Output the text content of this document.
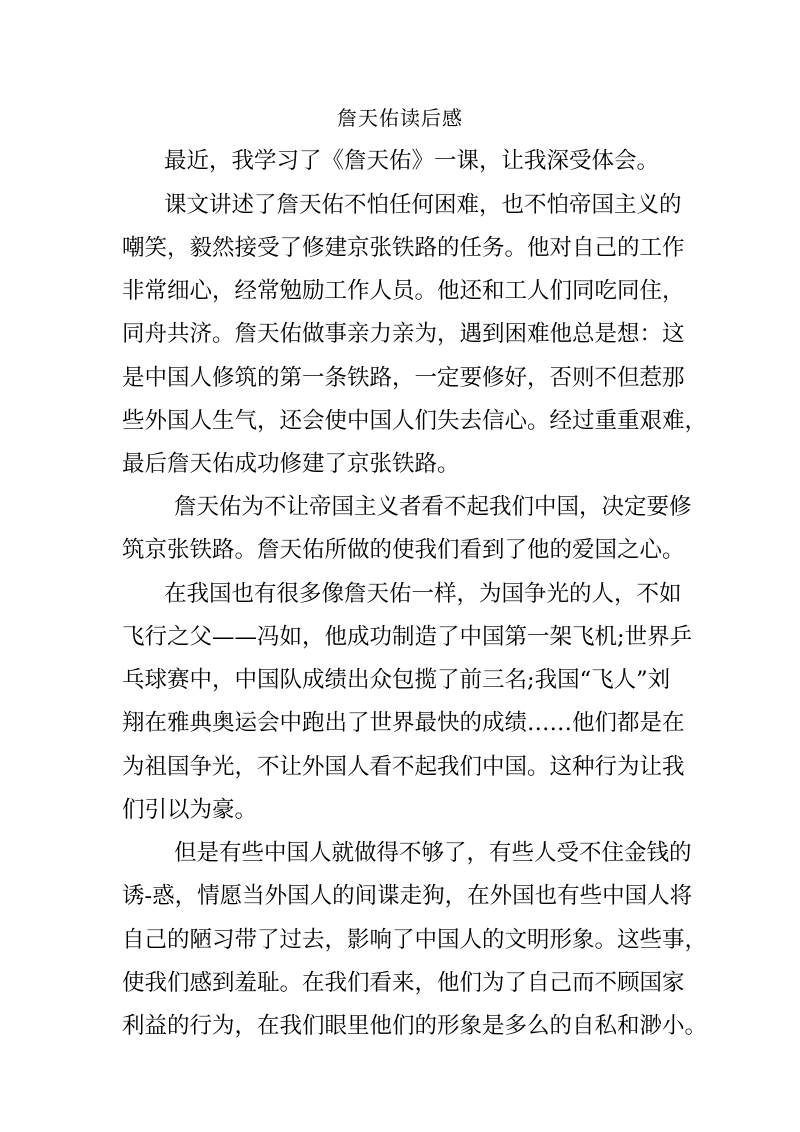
詹天佑读后感
最近，我学习了《詹天佑》一课，让我深受体会。
课文讲述了詹天佑不怕任何困难，也不怕帝国主义的
嘲笑，毅然接受了修建京张铁路的任务。他对自己的工作
非常细心，经常勉励工作人员。他还和工人们同吃同住，
同舟共济。詹天佑做事亲力亲为，遇到困难他总是想：这
是中国人修筑的第一条铁路，一定要修好，否则不但惹那
些外国人生气，还会使中国人们失去信心。经过重重艰难，
最后詹天佑成功修建了京张铁路。
詹天佑为不让帝国主义者看不起我们中国，决定要修
筑京张铁路。詹天佑所做的使我们看到了他的爱国之心。
在我国也有很多像詹天佑一样，为国争光的人，不如
飞行之父——冯如，他成功制造了中国第一架飞机;世界乒
乓球赛中，中国队成绩出众包揽了前三名;我国“飞人”刘
翔在雅典奥运会中跑出了世界最快的成绩……他们都是在
为祖国争光，不让外国人看不起我们中国。这种行为让我
们引以为豪。
但是有些中国人就做得不够了，有些人受不住金钱的
诱-惑，情愿当外国人的间谍走狗，在外国也有些中国人将
自己的陋习带了过去，影响了中国人的文明形象。这些事，
使我们感到羞耻。在我们看来，他们为了自己而不顾国家
利益的行为，在我们眼里他们的形象是多么的自私和渺小。
